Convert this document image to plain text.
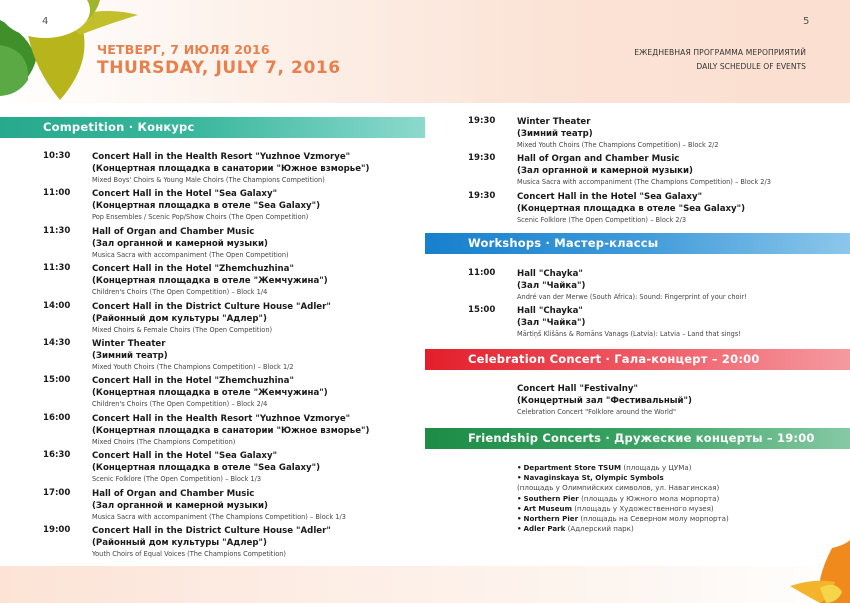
4	5
ЧЕТВЕРГ, 7 ИЮЛЯ 2016
THURSDAY, JULY 7, 2016
ЕЖЕДНЕВНАЯ ПРОГРАММА МЕРОПРИЯТИЙ
DAILY SCHEDULE OF EVENTS
Competition · Конкурс
Workshops · Мастер-классы
Celebration Concert · Гала-концерт – 20:00
Friendship Concerts · Дружеские концерты – 19:00
10:30	Concert Hall in the Health Resort "Yuzhnoe Vzmorye"
(Концертная площадка в санатории "Южное взморье")
Mixed Boys' Choirs & Young Male Choirs (The Champions Competition)
11:00	Concert Hall in the Hotel "Sea Galaxy"
(Концертная площадка в отеле "Sea Galaxy")
Pop Ensembles / Scenic Pop/Show Choirs (The Open Competition)
11:30	Hall of Organ and Chamber Music
(Зал органной и камерной музыки)
Musica Sacra with accompaniment (The Open Competition)
11:30	Concert Hall in the Hotel "Zhemchuzhina"
(Концертная площадка в отеле "Жемчужина")
Children's Choirs (The Open Competition) – Block 1/4
14:00	Concert Hall in the District Culture House "Adler"
(Районный дом культуры "Адлер")
Mixed Choirs & Female Choirs (The Open Competition)
14:30	Winter Theater
(Зимний театр)
Mixed Youth Choirs (The Champions Competition) – Block 1/2
15:00	Concert Hall in the Hotel "Zhemchuzhina"
(Концертная площадка в отеле "Жемчужина")
Children's Choirs (The Open Competition) – Block 2/4
16:00	Concert Hall in the Health Resort "Yuzhnoe Vzmorye"
(Концертная площадка в санатории "Южное взморье")
Mixed Choirs (The Champions Competition)
16:30	Concert Hall in the Hotel "Sea Galaxy"
(Концертная площадка в отеле "Sea Galaxy")
Scenic Folklore (The Open Competition) – Block 1/3
17:00	Hall of Organ and Chamber Music
(Зал органной и камерной музыки)
Musica Sacra with accompaniment (The Champions Competition) – Block 1/3
19:00	Concert Hall in the District Culture House "Adler"
(Районный дом культуры "Адлер")
Youth Choirs of Equal Voices (The Champions Competition)
19:30	Winter Theater
(Зимний театр)
Mixed Youth Choirs (The Champions Competition) – Block 2/2
19:30	Hall of Organ and Chamber Music
(Зал органной и камерной музыки)
Musica Sacra with accompaniment (The Champions Competition) – Block 2/3
19:30	Concert Hall in the Hotel "Sea Galaxy"
(Концертная площадка в отеле "Sea Galaxy")
Scenic Folklore (The Open Competition) – Block 2/3
11:00	Hall "Chayka"
(Зал "Чайка")
André van der Merwe (South Africa): Sound: Fingerprint of your choir!
15:00	Hall "Chayka"
(Зал "Чайка")
Mārtiņš Klišāns & Romāns Vanags (Latvia): Latvia – Land that sings!
Concert Hall "Festivalny"
(Концертный зал "Фестивальный")
Celebration Concert "Folklore around the World"
• Department Store TSUM (площадь у ЦУМа)
• Navaginskaya St, Olympic Symbols
(площадь у Олимпийских символов, ул. Навагинская)
• Southern Pier (площадь у Южного мола морпорта)
• Art Museum (площадь у Художественного музея)
• Northern Pier (площадь на Северном молу морпорта)
• Adler Park (Адлерский парк)
